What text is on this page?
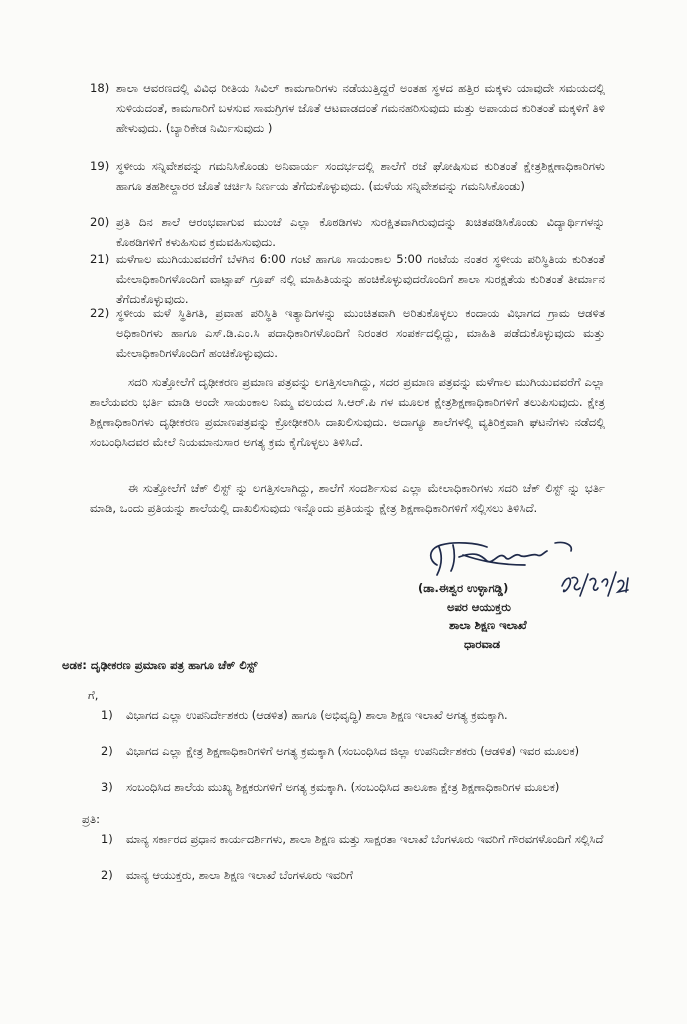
18) ಶಾಲಾ ಆವರಣದಲ್ಲಿ ವಿವಿಧ ರೀತಿಯ ಸಿವಿಲ್ ಕಾಮಗಾರಿಗಳು ನಡೆಯುತ್ತಿದ್ದರೆ ಅಂತಹ ಸ್ಥಳದ ಹತ್ತಿರ ಮಕ್ಕಳು ಯಾವುದೇ ಸಮಯದಲ್ಲಿ ಸುಳಿಯದಂತೆ, ಕಾಮಗಾರಿಗೆ ಬಳಸುವ ಸಾಮಗ್ರಿಗಳ ಜೊತೆ ಆಟವಾಡದಂತೆ ಗಮನಹರಿಸುವುದು ಮತ್ತು ಅಪಾಯದ ಕುರಿತಂತೆ ಮಕ್ಕಳಿಗೆ ತಿಳಿ ಹೇಳುವುದು. (ಬ್ಯಾರಿಕೇಡ ನಿರ್ಮಿಸುವುದು )
19) ಸ್ಥಳೀಯ ಸನ್ನಿವೇಶವನ್ನು ಗಮನಿಸಿಕೊಂಡು ಅನಿವಾರ್ಯ ಸಂದರ್ಭದಲ್ಲಿ ಶಾಲೆಗೆ ರಜೆ ಘೋಷಿಸುವ ಕುರಿತಂತೆ ಕ್ಷೇತ್ರಶಿಕ್ಷಣಾಧಿಕಾರಿಗಳು ಹಾಗೂ ತಹಶೀಲ್ದಾರರ ಜೊತೆ ಚರ್ಚಿಸಿ ನಿರ್ಣಯ ತೆಗೆದುಕೊಳ್ಳುವುದು. (ಮಳೆಯ ಸನ್ನಿವೇಶವನ್ನು ಗಮನಿಸಿಕೊಂಡು)
20) ಪ್ರತಿ ದಿನ ಶಾಲೆ ಆರಂಭವಾಗುವ ಮುಂಚೆ ಎಲ್ಲಾ ಕೊಠಡಿಗಳು ಸುರಕ್ಷಿತವಾಗಿರುವುದನ್ನು ಖಚಿತಪಡಿಸಿಕೊಂಡು ವಿದ್ಯಾರ್ಥಿಗಳನ್ನು ಕೊಠಡಿಗಳಿಗೆ ಕಳುಹಿಸುವ ಕ್ರಮವಹಿಸುವುದು.
21) ಮಳೆಗಾಲ ಮುಗಿಯುವವರೆಗೆ ಬೆಳಗಿನ 6:00 ಗಂಟೆ ಹಾಗೂ ಸಾಯಂಕಾಲ 5:00 ಗಂಟೆಯ ನಂತರ ಸ್ಥಳೀಯ ಪರಿಸ್ಥಿತಿಯ ಕುರಿತಂತೆ ಮೇಲಾಧಿಕಾರಿಗಳೊಂದಿಗೆ ವಾಟ್ಸಾಪ್ ಗ್ರೂಪ್ ನಲ್ಲಿ ಮಾಹಿತಿಯನ್ನು ಹಂಚಿಕೊಳ್ಳುವುದರೊಂದಿಗೆ ಶಾಲಾ ಸುರಕ್ಷತೆಯ ಕುರಿತಂತೆ ತೀರ್ಮಾನ ತೆಗೆದುಕೊಳ್ಳುವುದು.
22) ಸ್ಥಳೀಯ ಮಳೆ ಸ್ಥಿತಿಗತಿ, ಪ್ರವಾಹ ಪರಿಸ್ಥಿತಿ ಇತ್ಯಾದಿಗಳನ್ನು ಮುಂಚಿತವಾಗಿ ಅರಿತುಕೊಳ್ಳಲು ಕಂದಾಯ ವಿಭಾಗದ ಗ್ರಾಮ ಆಡಳಿತ ಅಧಿಕಾರಿಗಳು ಹಾಗೂ ಎಸ್.ಡಿ.ಎಂ.ಸಿ ಪದಾಧಿಕಾರಿಗಳೊಂದಿಗೆ ನಿರಂತರ ಸಂಪರ್ಕದಲ್ಲಿದ್ದು, ಮಾಹಿತಿ ಪಡೆದುಕೊಳ್ಳುವುದು ಮತ್ತು ಮೇಲಾಧಿಕಾರಿಗಳೊಂದಿಗೆ ಹಂಚಿಕೊಳ್ಳುವುದು.
ಸದರಿ ಸುತ್ತೋಲೆಗೆ ದೃಢೀಕರಣ ಪ್ರಮಾಣ ಪತ್ರವನ್ನು ಲಗತ್ತಿಸಲಾಗಿದ್ದು, ಸದರ ಪ್ರಮಾಣ ಪತ್ರವನ್ನು ಮಳೆಗಾಲ ಮುಗಿಯುವವರೆಗೆ ಎಲ್ಲಾ ಶಾಲೆಯವರು ಭರ್ತಿ ಮಾಡಿ ಅಂದೇ ಸಾಯಂಕಾಲ ನಿಮ್ಮ ವಲಯದ ಸಿ.ಆರ್.ಪಿ ಗಳ ಮೂಲಕ ಕ್ಷೇತ್ರಶಿಕ್ಷಣಾಧಿಕಾರಿಗಳಿಗೆ ತಲುಪಿಸುವುದು. ಕ್ಷೇತ್ರ ಶಿಕ್ಷಣಾಧಿಕಾರಿಗಳು ದೃಢೀಕರಣ ಪ್ರಮಾಣಪತ್ರವನ್ನು ಕ್ರೋಢೀಕರಿಸಿ ದಾಖಲಿಸುವುದು. ಅದಾಗ್ಯೂ ಶಾಲೆಗಳಲ್ಲಿ ವ್ಯತಿರಿಕ್ತವಾಗಿ ಘಟನೆಗಳು ನಡೆದಲ್ಲಿ ಸಂಬಂಧಿಸಿದವರ ಮೇಲೆ ನಿಯಮಾನುಸಾರ ಅಗತ್ಯ ಕ್ರಮ ಕೈಗೊಳ್ಳಲು ತಿಳಿಸಿದೆ.
ಈ ಸುತ್ತೋಲೆಗೆ ಚೆಕ್ ಲಿಸ್ಟ್ ನ್ನು ಲಗತ್ತಿಸಲಾಗಿದ್ದು, ಶಾಲೆಗೆ ಸಂದರ್ಶಿಸುವ ಎಲ್ಲಾ ಮೇಲಾಧಿಕಾರಿಗಳು ಸದರಿ ಚೆಕ್ ಲಿಸ್ಟ್ ನ್ನು ಭರ್ತಿ ಮಾಡಿ, ಒಂದು ಪ್ರತಿಯನ್ನು ಶಾಲೆಯಲ್ಲಿ ದಾಖಲಿಸುವುದು ಇನ್ನೊಂದು ಪ್ರತಿಯನ್ನು ಕ್ಷೇತ್ರ ಶಿಕ್ಷಣಾಧಿಕಾರಿಗಳಿಗೆ ಸಲ್ಲಿಸಲು ತಿಳಿಸಿದೆ.
(ಡಾ.ಈಶ್ವರ ಉಳ್ಳಾಗಡ್ಡಿ)
ಅಪರ ಆಯುಕ್ತರು
ಶಾಲಾ ಶಿಕ್ಷಣ ಇಲಾಖೆ
ಧಾರವಾಡ
ಅಡಕ: ದೃಢೀಕರಣ ಪ್ರಮಾಣ ಪತ್ರ ಹಾಗೂ ಚೆಕ್ ಲಿಸ್ಟ್
ಗೆ,
1)	ವಿಭಾಗದ ಎಲ್ಲಾ ಉಪನಿರ್ದೇಶಕರು (ಆಡಳಿತ) ಹಾಗೂ (ಅಭಿವೃದ್ಧಿ) ಶಾಲಾ ಶಿಕ್ಷಣ ಇಲಾಖೆ ಅಗತ್ಯ ಕ್ರಮಕ್ಕಾಗಿ.
2)	ವಿಭಾಗದ ಎಲ್ಲಾ ಕ್ಷೇತ್ರ ಶಿಕ್ಷಣಾಧಿಕಾರಿಗಳಿಗೆ ಅಗತ್ಯ ಕ್ರಮಕ್ಕಾಗಿ (ಸಂಬಂಧಿಸಿದ ಜಿಲ್ಲಾ ಉಪನಿರ್ದೇಶಕರು (ಆಡಳಿತ) ಇವರ ಮೂಲಕ)
3)	ಸಂಬಂಧಿಸಿದ ಶಾಲೆಯ ಮುಖ್ಯ ಶಿಕ್ಷಕರುಗಳಿಗೆ ಅಗತ್ಯ ಕ್ರಮಕ್ಕಾಗಿ. (ಸಂಬಂಧಿಸಿದ ತಾಲೂಕಾ ಕ್ಷೇತ್ರ ಶಿಕ್ಷಣಾಧಿಕಾರಿಗಳ ಮೂಲಕ)
ಪ್ರತಿ:
1)	ಮಾನ್ಯ ಸರ್ಕಾರದ ಪ್ರಧಾನ ಕಾರ್ಯದರ್ಶಿಗಳು, ಶಾಲಾ ಶಿಕ್ಷಣ ಮತ್ತು ಸಾಕ್ಷರತಾ ಇಲಾಖೆ ಬೆಂಗಳೂರು ಇವರಿಗೆ ಗೌರವಗಳೊಂದಿಗೆ ಸಲ್ಲಿಸಿದೆ
2)	ಮಾನ್ಯ ಆಯುಕ್ತರು, ಶಾಲಾ ಶಿಕ್ಷಣ ಇಲಾಖೆ ಬೆಂಗಳೂರು ಇವರಿಗೆ
